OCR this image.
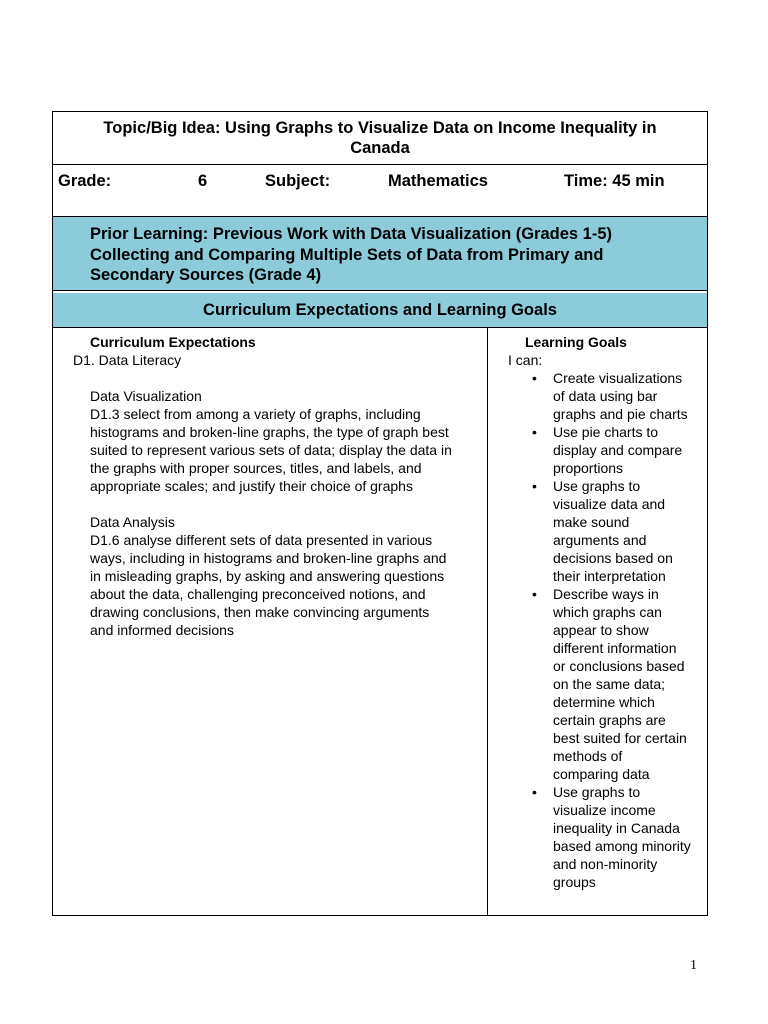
Topic/Big Idea: Using Graphs to Visualize Data on Income Inequality in
Canada
Grade:	6	Subject:	Mathematics	Time: 45 min
Prior Learning: Previous Work with Data Visualization (Grades 1-5)
Collecting and Comparing Multiple Sets of Data from Primary and
Secondary Sources (Grade 4)
Curriculum Expectations and Learning Goals
Curriculum Expectations
D1. Data Literacy
Data Visualization
D1.3 select from among a variety of graphs, including
histograms and broken-line graphs, the type of graph best
suited to represent various sets of data; display the data in
the graphs with proper sources, titles, and labels, and
appropriate scales; and justify their choice of graphs
Data Analysis
D1.6 analyse different sets of data presented in various
ways, including in histograms and broken-line graphs and
in misleading graphs, by asking and answering questions
about the data, challenging preconceived notions, and
drawing conclusions, then make convincing arguments
and informed decisions
Learning Goals
I can:
• Create visualizations
of data using bar
graphs and pie charts
• Use pie charts to
display and compare
proportions
• Use graphs to
visualize data and
make sound
arguments and
decisions based on
their interpretation
• Describe ways in
which graphs can
appear to show
different information
or conclusions based
on the same data;
determine which
certain graphs are
best suited for certain
methods of
comparing data
• Use graphs to
visualize income
inequality in Canada
based among minority
and non-minority
groups
1
